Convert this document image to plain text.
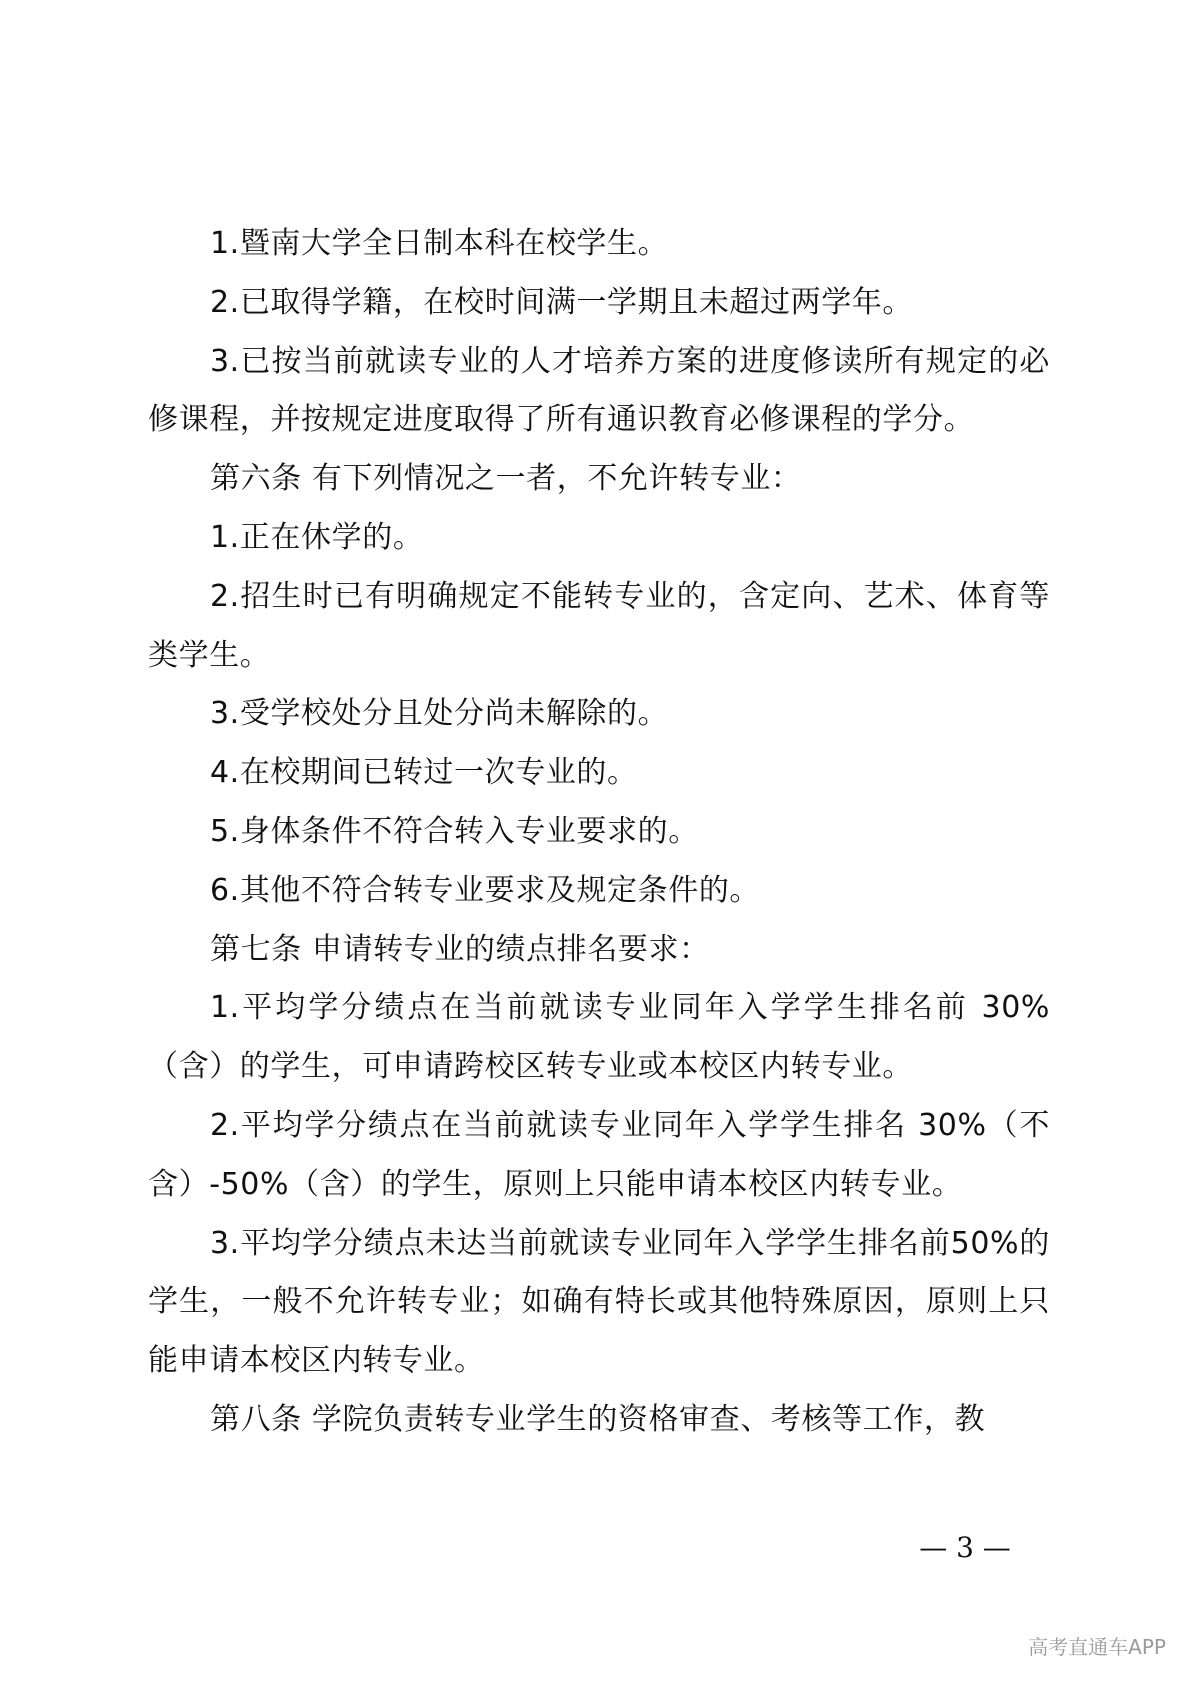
1.暨南大学全日制本科在校学生。

2.已取得学籍，在校时间满一学期且未超过两学年。

3.已按当前就读专业的人才培养方案的进度修读所有规定的必修课程，并按规定进度取得了所有通识教育必修课程的学分。

第六条 有下列情况之一者，不允许转专业：

1.正在休学的。

2.招生时已有明确规定不能转专业的，含定向、艺术、体育等类学生。

3.受学校处分且处分尚未解除的。

4.在校期间已转过一次专业的。

5.身体条件不符合转入专业要求的。

6.其他不符合转专业要求及规定条件的。

第七条 申请转专业的绩点排名要求：

1.平均学分绩点在当前就读专业同年入学学生排名前 30%（含）的学生，可申请跨校区转专业或本校区内转专业。

2.平均学分绩点在当前就读专业同年入学学生排名 30%（不含）-50%（含）的学生，原则上只能申请本校区内转专业。

3.平均学分绩点未达当前就读专业同年入学学生排名前50%的学生，一般不允许转专业；如确有特长或其他特殊原因，原则上只能申请本校区内转专业。

第八条 学院负责转专业学生的资格审查、考核等工作，教

— 3 —
高考直通车APP
